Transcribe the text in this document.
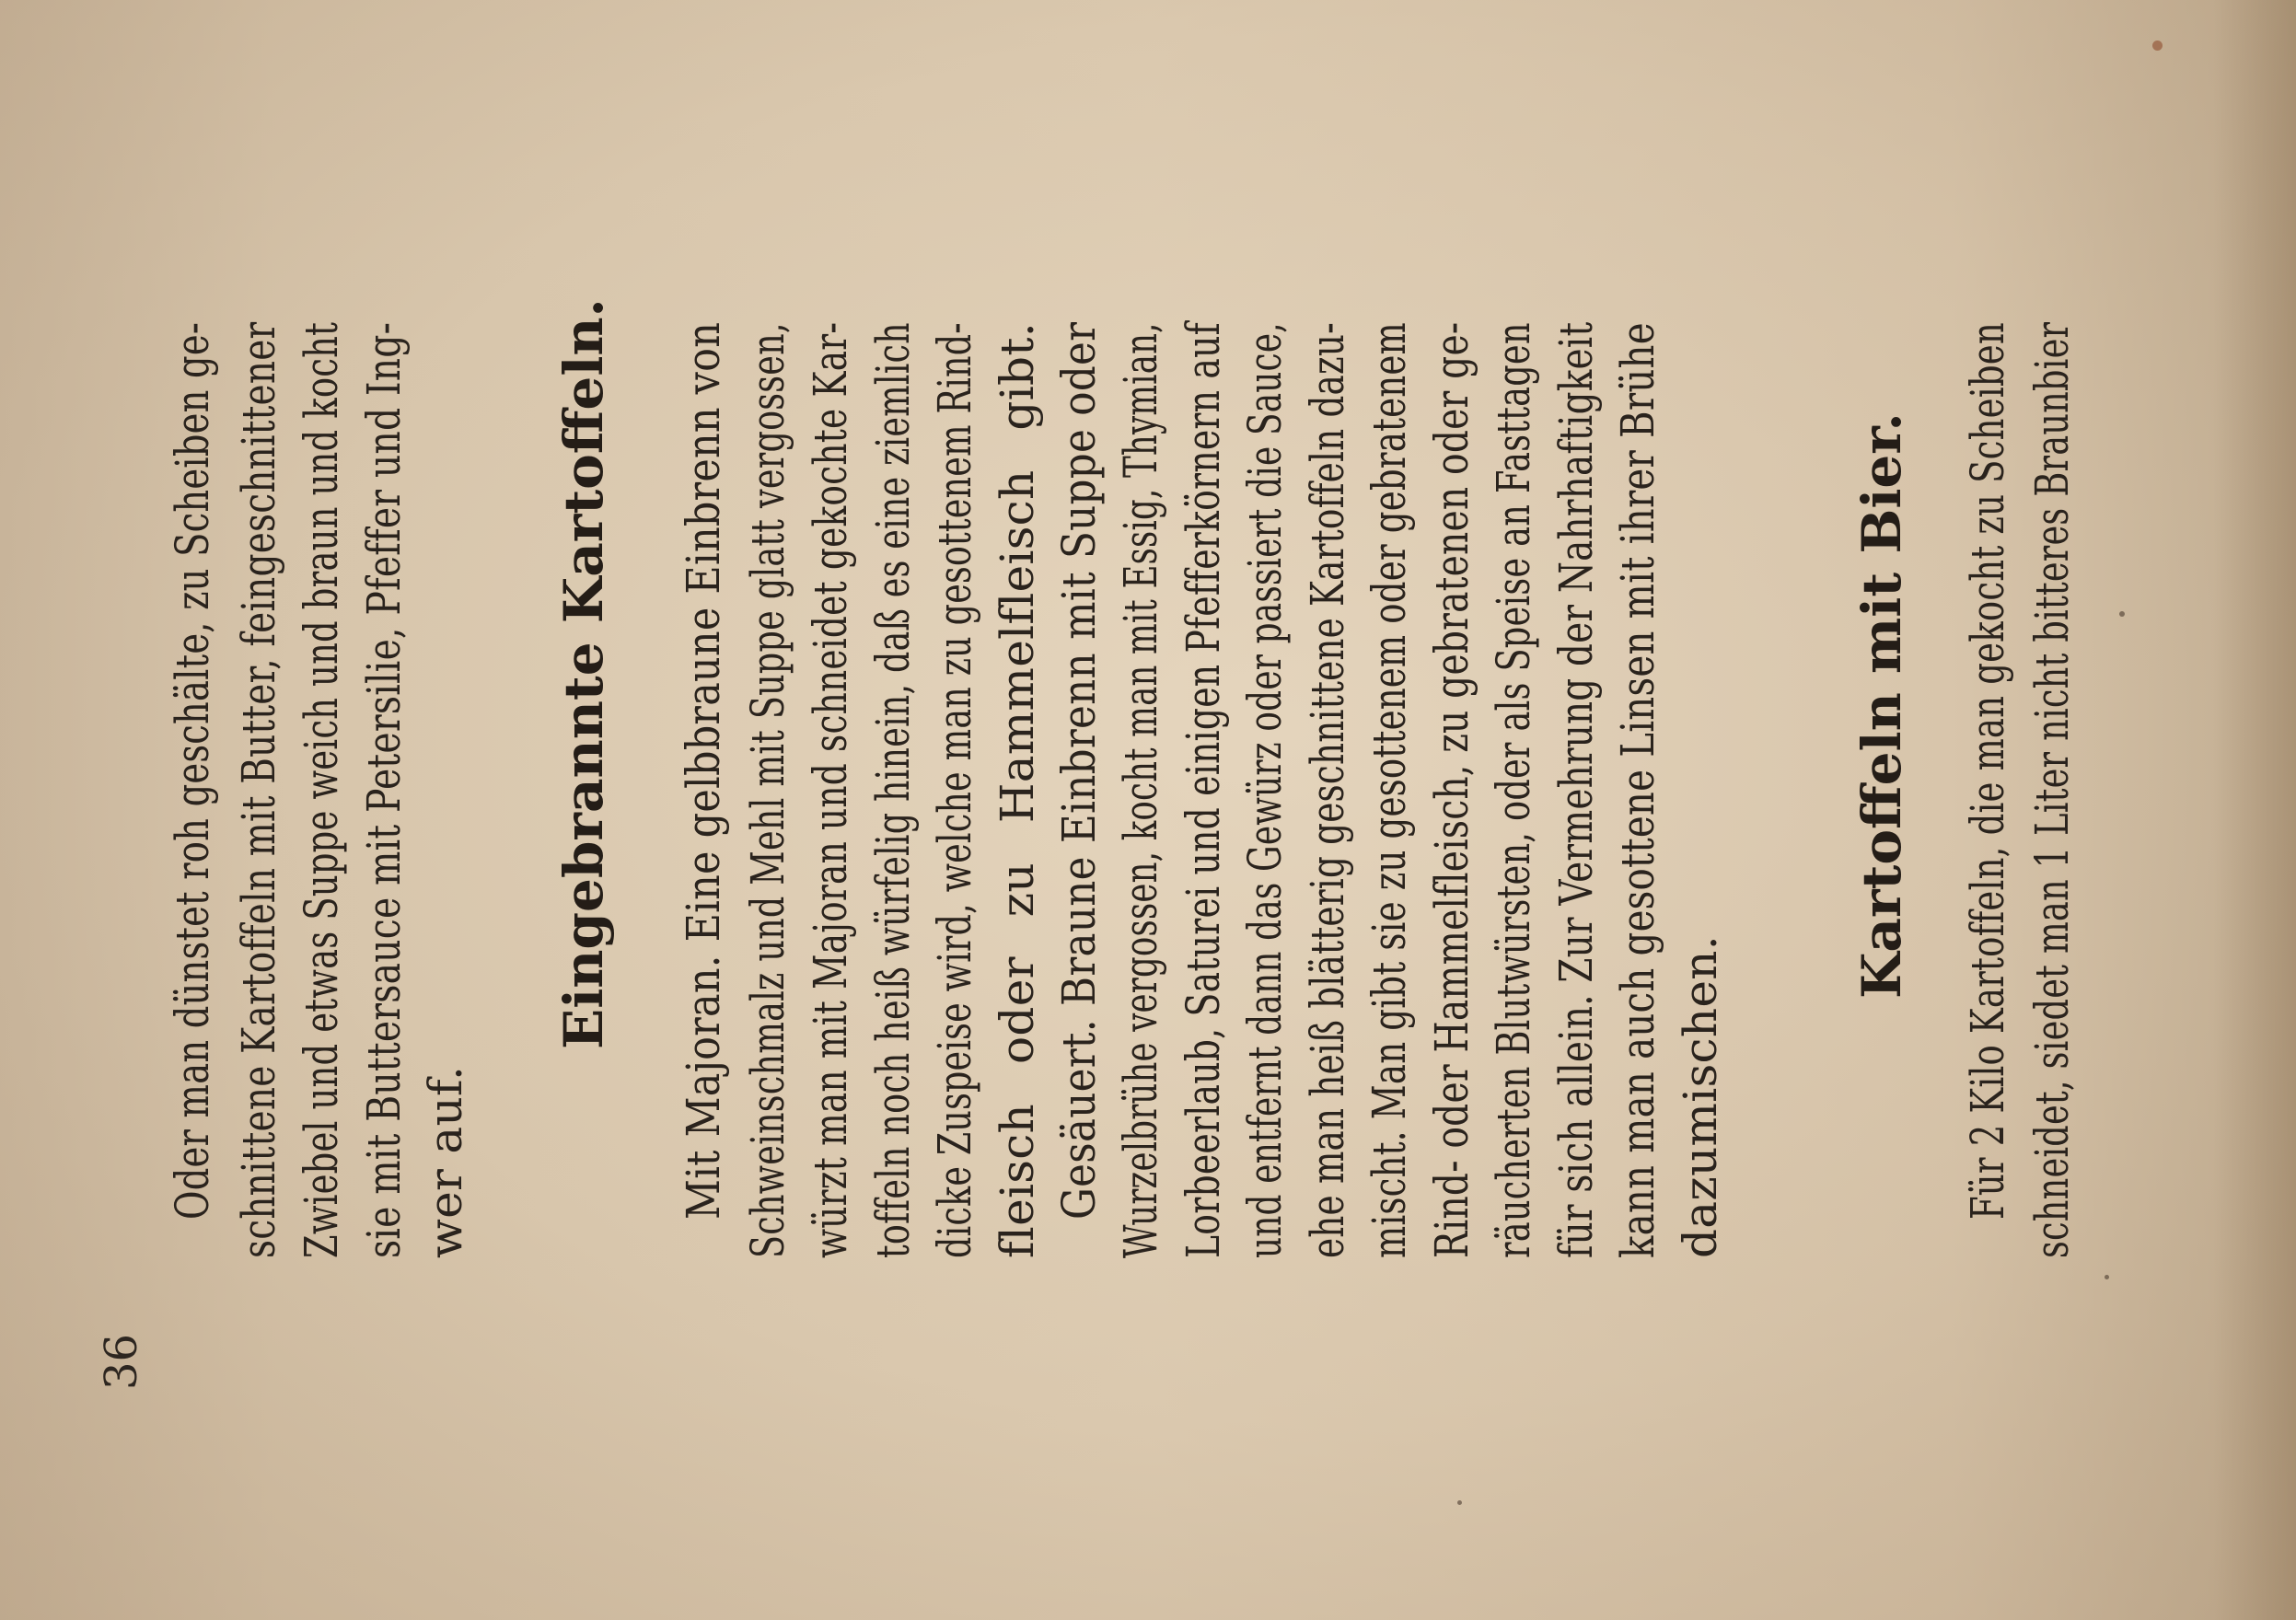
36
Oder man dünstet roh geschälte, zu Scheiben ge- schnittene Kartoffeln mit Butter, feingeschnittener Zwiebel und etwas Suppe weich und braun und kocht sie mit Buttersauce mit Petersilie, Pfeffer und Ing- wer auf.
Eingebrannte Kartoffeln. Mit Majoran. Eine gelbbraune Einbrenn von Schweinschmalz und Mehl mit Suppe glatt vergossen, würzt man mit Majoran und schneidet gekochte Kar- toffeln noch heiß würfelig hinein, daß es eine ziemlich dicke Zuspeise wird, welche man zu gesottenem Rind- fleisch oder zu Hammelfleisch gibt. Gesäuert. Braune Einbrenn mit Suppe oder Wurzelbrühe vergossen, kocht man mit Essig, Thymian, Lorbeerlaub, Saturei und einigen Pfefferkörnern auf und entfernt dann das Gewürz oder passiert die Sauce, ehe man heiß blätterig geschnittene Kartoffeln dazu- mischt. Man gibt sie zu gesottenem oder gebratenem Rind- oder Hammelfleisch, zu gebratenen oder ge- räucherten Blutwürsten, oder als Speise an Fasttagen für sich allein. Zur Vermehrung der Nahrhaftigkeit kann man auch gesottene Linsen mit ihrer Brühe dazumischen.
Kartoffeln mit Bier. Für 2 Kilo Kartoffeln, die man gekocht zu Scheiben schneidet, siedet man 1 Liter nicht bitteres Braunbier
